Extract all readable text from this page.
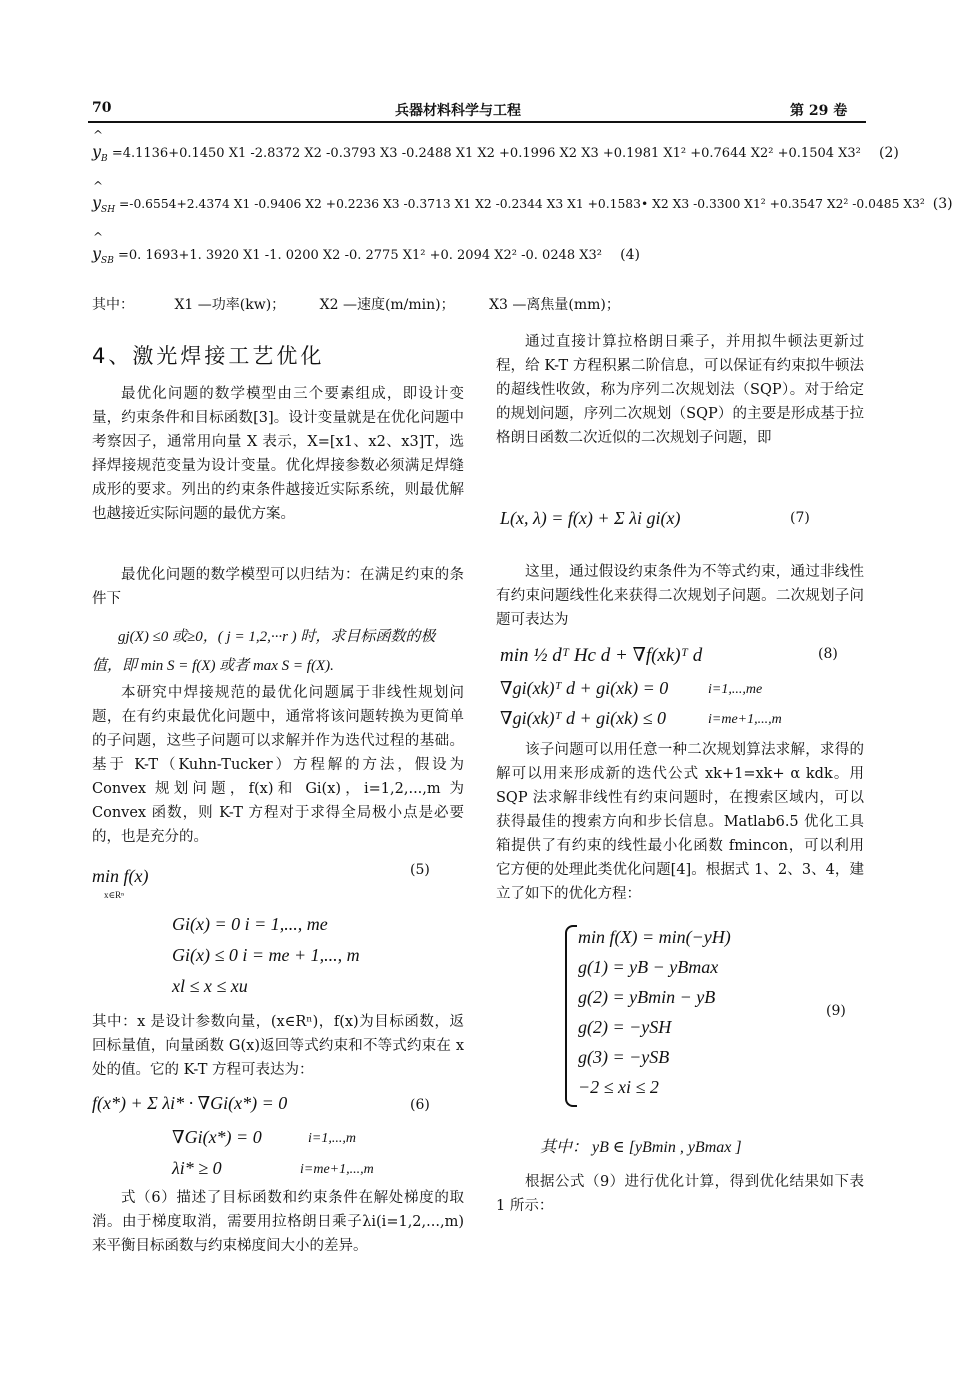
70	兵器材料科学与工程	第 29 卷
^
$y_B =4.1136+0.1450$ X1 -2.8372 X2 -0.3793 X3 -0.2488 X1 X2 +0.1996 X2 X3 +0.1981 X1² +0.7644 X2² +0.1504 X3² (2)
^
$y_{SH} =-0.6554+2.4374$ X1 -0.9406 X2 +0.2236 X3 -0.3713 X1 X2 -0.2344 X3 X1 +0.1583• X2 X3 -0.3300 X1² +0.3547 X2² -0.0485 X3² (3)
^
$y_{SB} =0$. 1693+1. 3920 X1 -1. 0200 X2 -0. 2775 X1² +0. 2094 X2² -0. 0248 X3² (4)
其中：	X1 —功率(kw)； X2 —速度(m/min)； X3 —离焦量(mm)；
4、激光焊接工艺优化

最优化问题的数学模型由三个要素组成，即设计变量，约束条件和目标函数[3]。设计变量就是在优化问题中考察因子，通常用向量 X 表示，X=[x1、x2、x3]T，选择焊接规范变量为设计变量。优化焊接参数必须满足焊缝成形的要求。列出的约束条件越接近实际系统，则最优解也越接近实际问题的最优方案。

最优化问题的数学模型可以归结为：在满足约束的条件下

gj(X) ≤0 或≥0，( j = 1,2,···r ) 时，求目标函数的极
值，即 min S = f(X) 或者 max S = f(X).

本研究中焊接规范的最优化问题属于非线性规划问题，在有约束最优化问题中，通常将该问题转换为更简单的子问题，这些子问题可以求解并作为迭代过程的基础。基于 K-T（Kuhn-Tucker）方程解的方法，假设为 Convex 规划问题，f(x)和 Gi(x)，i=1,2,...,m 为 Convex 函数，则 K-T 方程对于求得全局极小点是必要的，也是充分的。

min f(x)
x∈Rⁿ
(5)
Gi(x) = 0 i = 1,..., me
Gi(x) ≤ 0 i = me + 1,..., m
xl ≤ x ≤ xu

其中：x 是设计参数向量，(x∈Rⁿ)，f(x)为目标函数，返回标量值，向量函数 G(x)返回等式约束和不等式约束在 x 处的值。它的 K-T 方程可表达为：

f(x*) + Σ λi* · ∇Gi(x*) = 0	(6)
∇Gi(x*) = 0	i=1,...,m
λi* ≥ 0	i=me+1,...,m

式（6）描述了目标函数和约束条件在解处梯度的取消。由于梯度取消，需要用拉格朗日乘子λi(i=1,2,...,m)来平衡目标函数与约束梯度间大小的差异。

通过直接计算拉格朗日乘子，并用拟牛顿法更新过程，给 K-T 方程积累二阶信息，可以保证有约束拟牛顿法的超线性收敛，称为序列二次规划法（SQP）。对于给定的规划问题，序列二次规划（SQP）的主要是形成基于拉格朗日函数二次近似的二次规划子问题，即

L(x, λ) = f(x) + Σ λi gi(x)	(7)

这里，通过假设约束条件为不等式约束，通过非线性有约束问题线性化来获得二次规划子问题。二次规划子问题可表达为

min ½ dᵀ Hc d + ∇f(xk)ᵀ d	(8)
∇gi(xk)ᵀ d + gi(xk) = 0	i=1,...,me
∇gi(xk)ᵀ d + gi(xk) ≤ 0	i=me+1,...,m

该子问题可以用任意一种二次规划算法求解，求得的解可以用来形成新的迭代公式 xk+1=xk+ α kdk。用 SQP 法求解非线性有约束问题时，在搜索区域内，可以获得最佳的搜索方向和步长信息。Matlab6.5 优化工具箱提供了有约束的线性最小化函数 fmincon，可以利用它方便的处理此类优化问题[4]。根据式 1、2、3、4，建立了如下的优化方程：

min f(X) = min(−yH)
g(1) = yB − yBmax
g(2) = yBmin − yB
g(2) = −ySH
g(3) = −ySB
−2 ≤ xi ≤ 2
(9)
其中： yB ∈ [yBmin , yBmax ]

根据公式（9）进行优化计算，得到优化结果如下表 1 所示：
